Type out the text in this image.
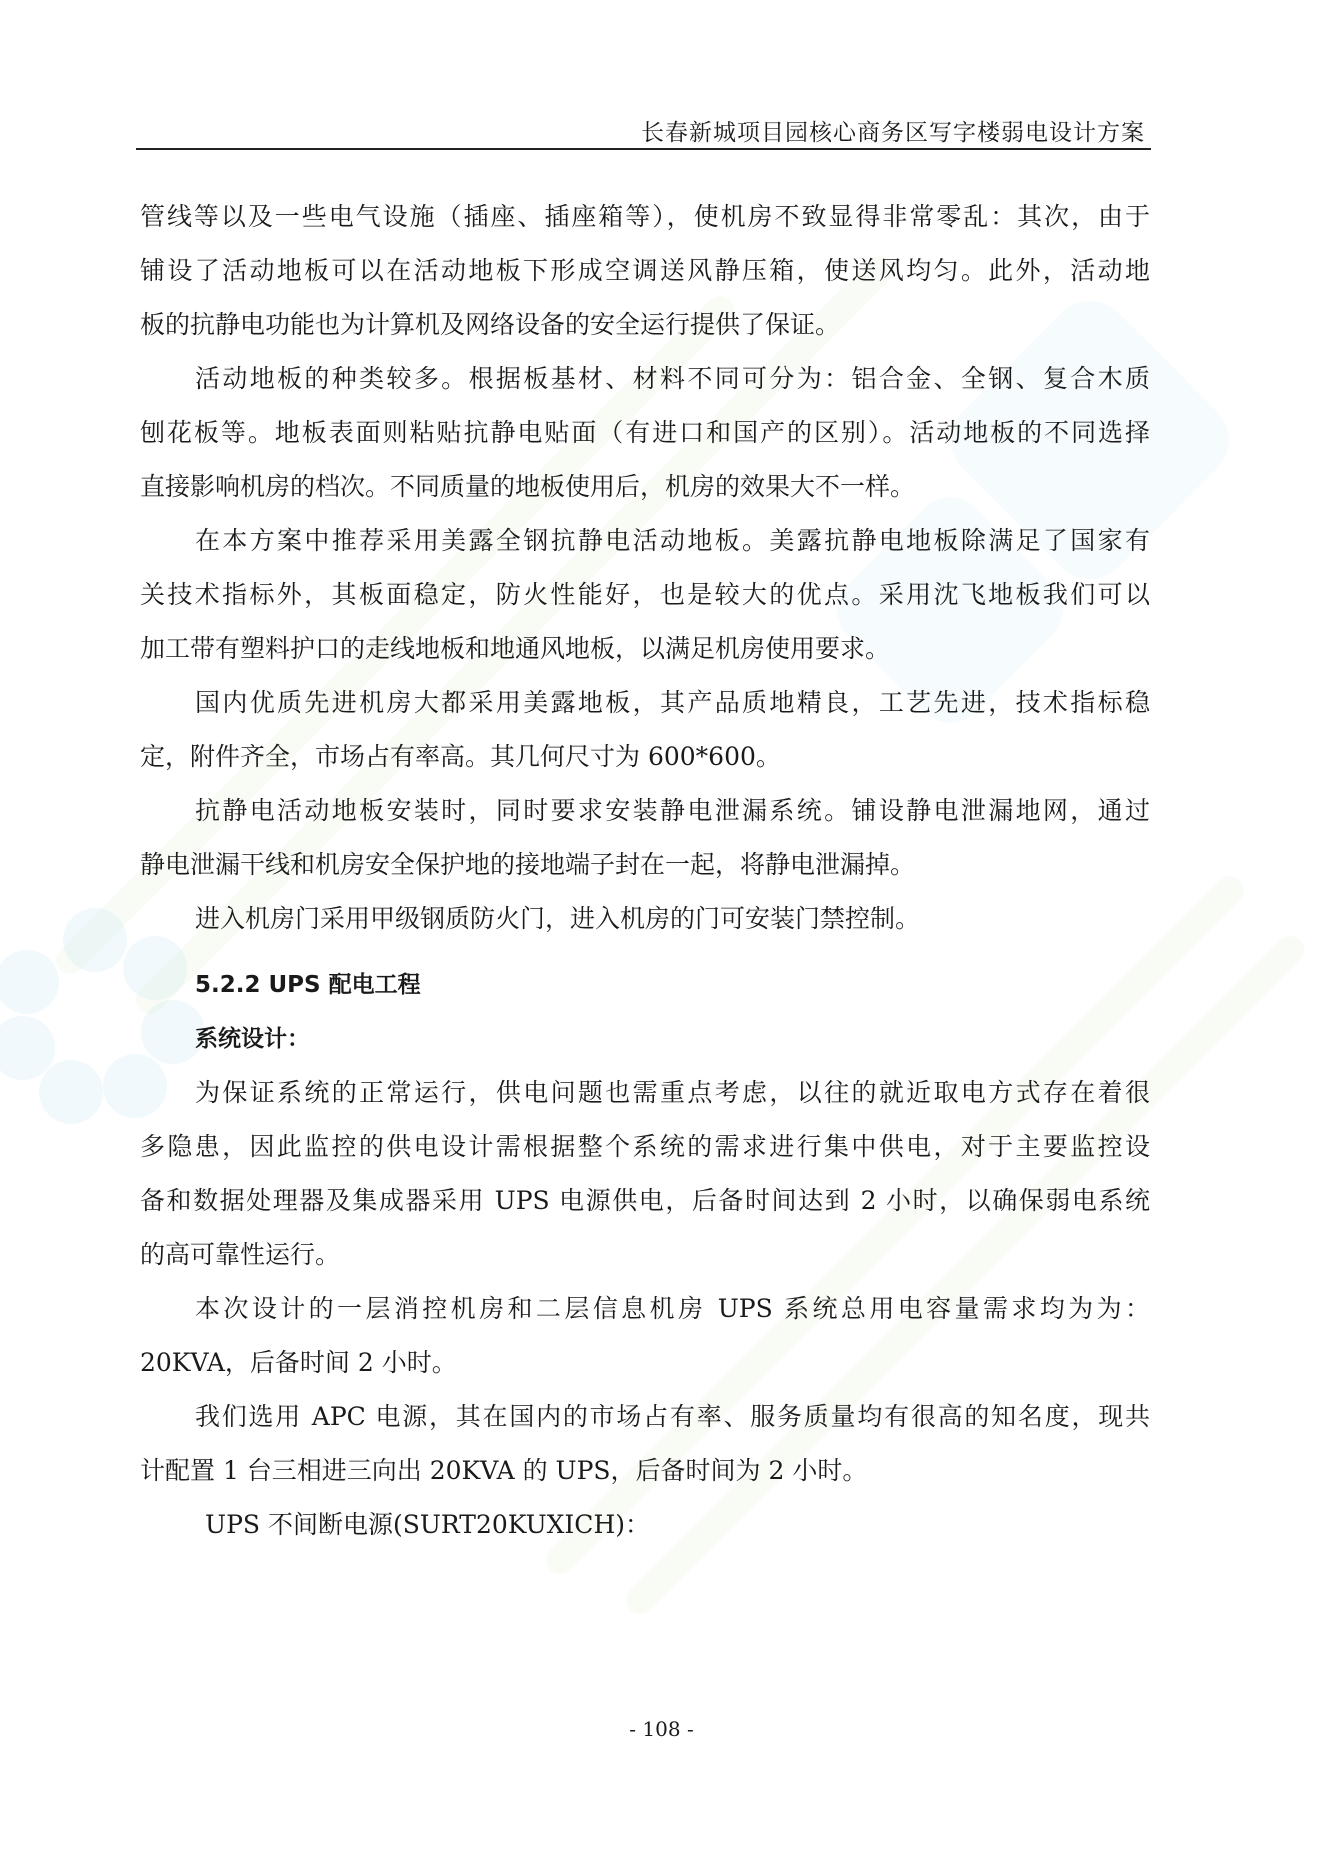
长春新城项目园核心商务区写字楼弱电设计方案
管线等以及一些电气设施（插座、插座箱等），使机房不致显得非常零乱：其次，由于
铺设了活动地板可以在活动地板下形成空调送风静压箱，使送风均匀。此外，活动地
板的抗静电功能也为计算机及网络设备的安全运行提供了保证。
活动地板的种类较多。根据板基材、材料不同可分为：铝合金、全钢、复合木质
刨花板等。地板表面则粘贴抗静电贴面（有进口和国产的区别）。活动地板的不同选择
直接影响机房的档次。不同质量的地板使用后，机房的效果大不一样。
在本方案中推荐采用美露全钢抗静电活动地板。美露抗静电地板除满足了国家有
关技术指标外，其板面稳定，防火性能好，也是较大的优点。采用沈飞地板我们可以
加工带有塑料护口的走线地板和地通风地板，以满足机房使用要求。
国内优质先进机房大都采用美露地板，其产品质地精良，工艺先进，技术指标稳
定，附件齐全，市场占有率高。其几何尺寸为 600*600。
抗静电活动地板安装时，同时要求安装静电泄漏系统。铺设静电泄漏地网，通过
静电泄漏干线和机房安全保护地的接地端子封在一起，将静电泄漏掉。
进入机房门采用甲级钢质防火门，进入机房的门可安装门禁控制。
5.2.2 UPS 配电工程
系统设计：
为保证系统的正常运行，供电问题也需重点考虑，以往的就近取电方式存在着很
多隐患，因此监控的供电设计需根据整个系统的需求进行集中供电，对于主要监控设
备和数据处理器及集成器采用 UPS 电源供电，后备时间达到 2 小时，以确保弱电系统
的高可靠性运行。
本次设计的一层消控机房和二层信息机房 UPS 系统总用电容量需求均为为：
20KVA，后备时间 2 小时。
我们选用 APC 电源，其在国内的市场占有率、服务质量均有很高的知名度，现共
计配置 1 台三相进三向出 20KVA 的 UPS，后备时间为 2 小时。
UPS 不间断电源(SURT20KUXICH)：
- 108 -
